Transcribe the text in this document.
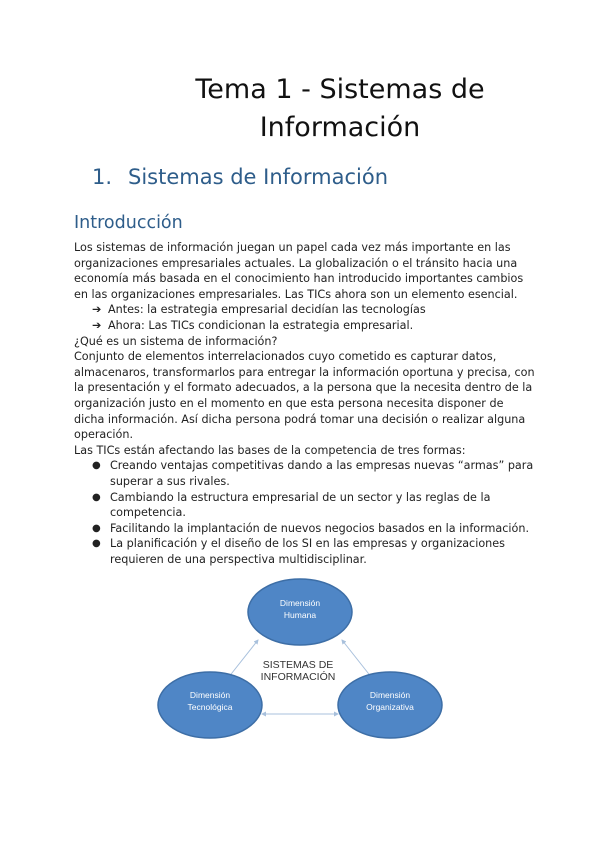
Tema 1 - Sistemas de
Información
1. Sistemas de Información
Introducción

Los sistemas de información juegan un papel cada vez más importante en las organizaciones empresariales actuales. La globalización o el tránsito hacia una economía más basada en el conocimiento han introducido importantes cambios en las organizaciones empresariales. Las TICs ahora son un elemento esencial.

➔ Antes: la estrategia empresarial decidían las tecnologías
➔ Ahora: Las TICs condicionan la estrategia empresarial.

¿Qué es un sistema de información?

Conjunto de elementos interrelacionados cuyo cometido es capturar datos, almacenaros, transformarlos para entregar la información oportuna y precisa, con la presentación y el formato adecuados, a la persona que la necesita dentro de la organización justo en el momento en que esta persona necesita disponer de dicha información. Así dicha persona podrá tomar una decisión o realizar alguna operación.

Las TICs están afectando las bases de la competencia de tres formas:

● Creando ventajas competitivas dando a las empresas nuevas “armas” para superar a sus rivales.
● Cambiando la estructura empresarial de un sector y las reglas de la competencia.
● Facilitando la implantación de nuevos negocios basados en la información.
● La planificación y el diseño de los SI en las empresas y organizaciones requieren de una perspectiva multidisciplinar.
Dimensión
Humana
Dimensión
Tecnológica
Dimensión
Organizativa
SISTEMAS DE
INFORMACIÓN
